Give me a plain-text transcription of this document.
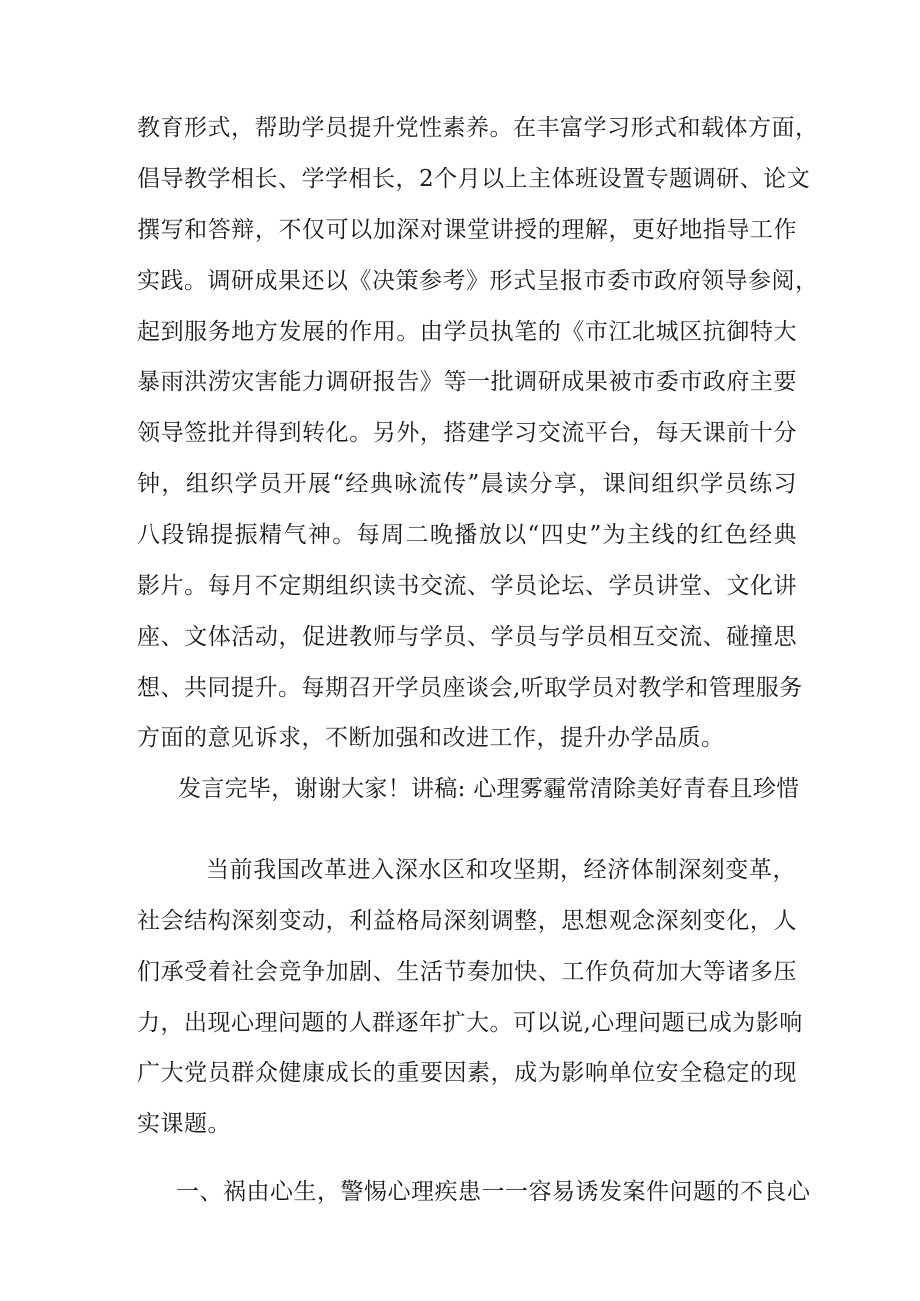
教育形式，帮助学员提升党性素养。在丰富学习形式和载体方面，
倡导教学相长、学学相长，2个月以上主体班设置专题调研、论文
撰写和答辩，不仅可以加深对课堂讲授的理解，更好地指导工作
实践。调研成果还以《决策参考》形式呈报市委市政府领导参阅，
起到服务地方发展的作用。由学员执笔的《市江北城区抗御特大
暴雨洪涝灾害能力调研报告》等一批调研成果被市委市政府主要
领导签批并得到转化。另外，搭建学习交流平台，每天课前十分
钟，组织学员开展“经典咏流传”晨读分享，课间组织学员练习
八段锦提振精气神。每周二晚播放以“四史”为主线的红色经典
影片。每月不定期组织读书交流、学员论坛、学员讲堂、文化讲
座、文体活动，促进教师与学员、学员与学员相互交流、碰撞思
想、共同提升。每期召开学员座谈会,听取学员对教学和管理服务
方面的意见诉求，不断加强和改进工作，提升办学品质。
发言完毕，谢谢大家！讲稿: 心理雾霾常清除美好青春且珍惜
当前我国改革进入深水区和攻坚期，经济体制深刻变革，
社会结构深刻变动，利益格局深刻调整，思想观念深刻变化，人
们承受着社会竞争加剧、生活节奏加快、工作负荷加大等诸多压
力，出现心理问题的人群逐年扩大。可以说,心理问题已成为影响
广大党员群众健康成长的重要因素，成为影响单位安全稳定的现
实课题。
一、祸由心生，警惕心理疾患一一容易诱发案件问题的不良心
